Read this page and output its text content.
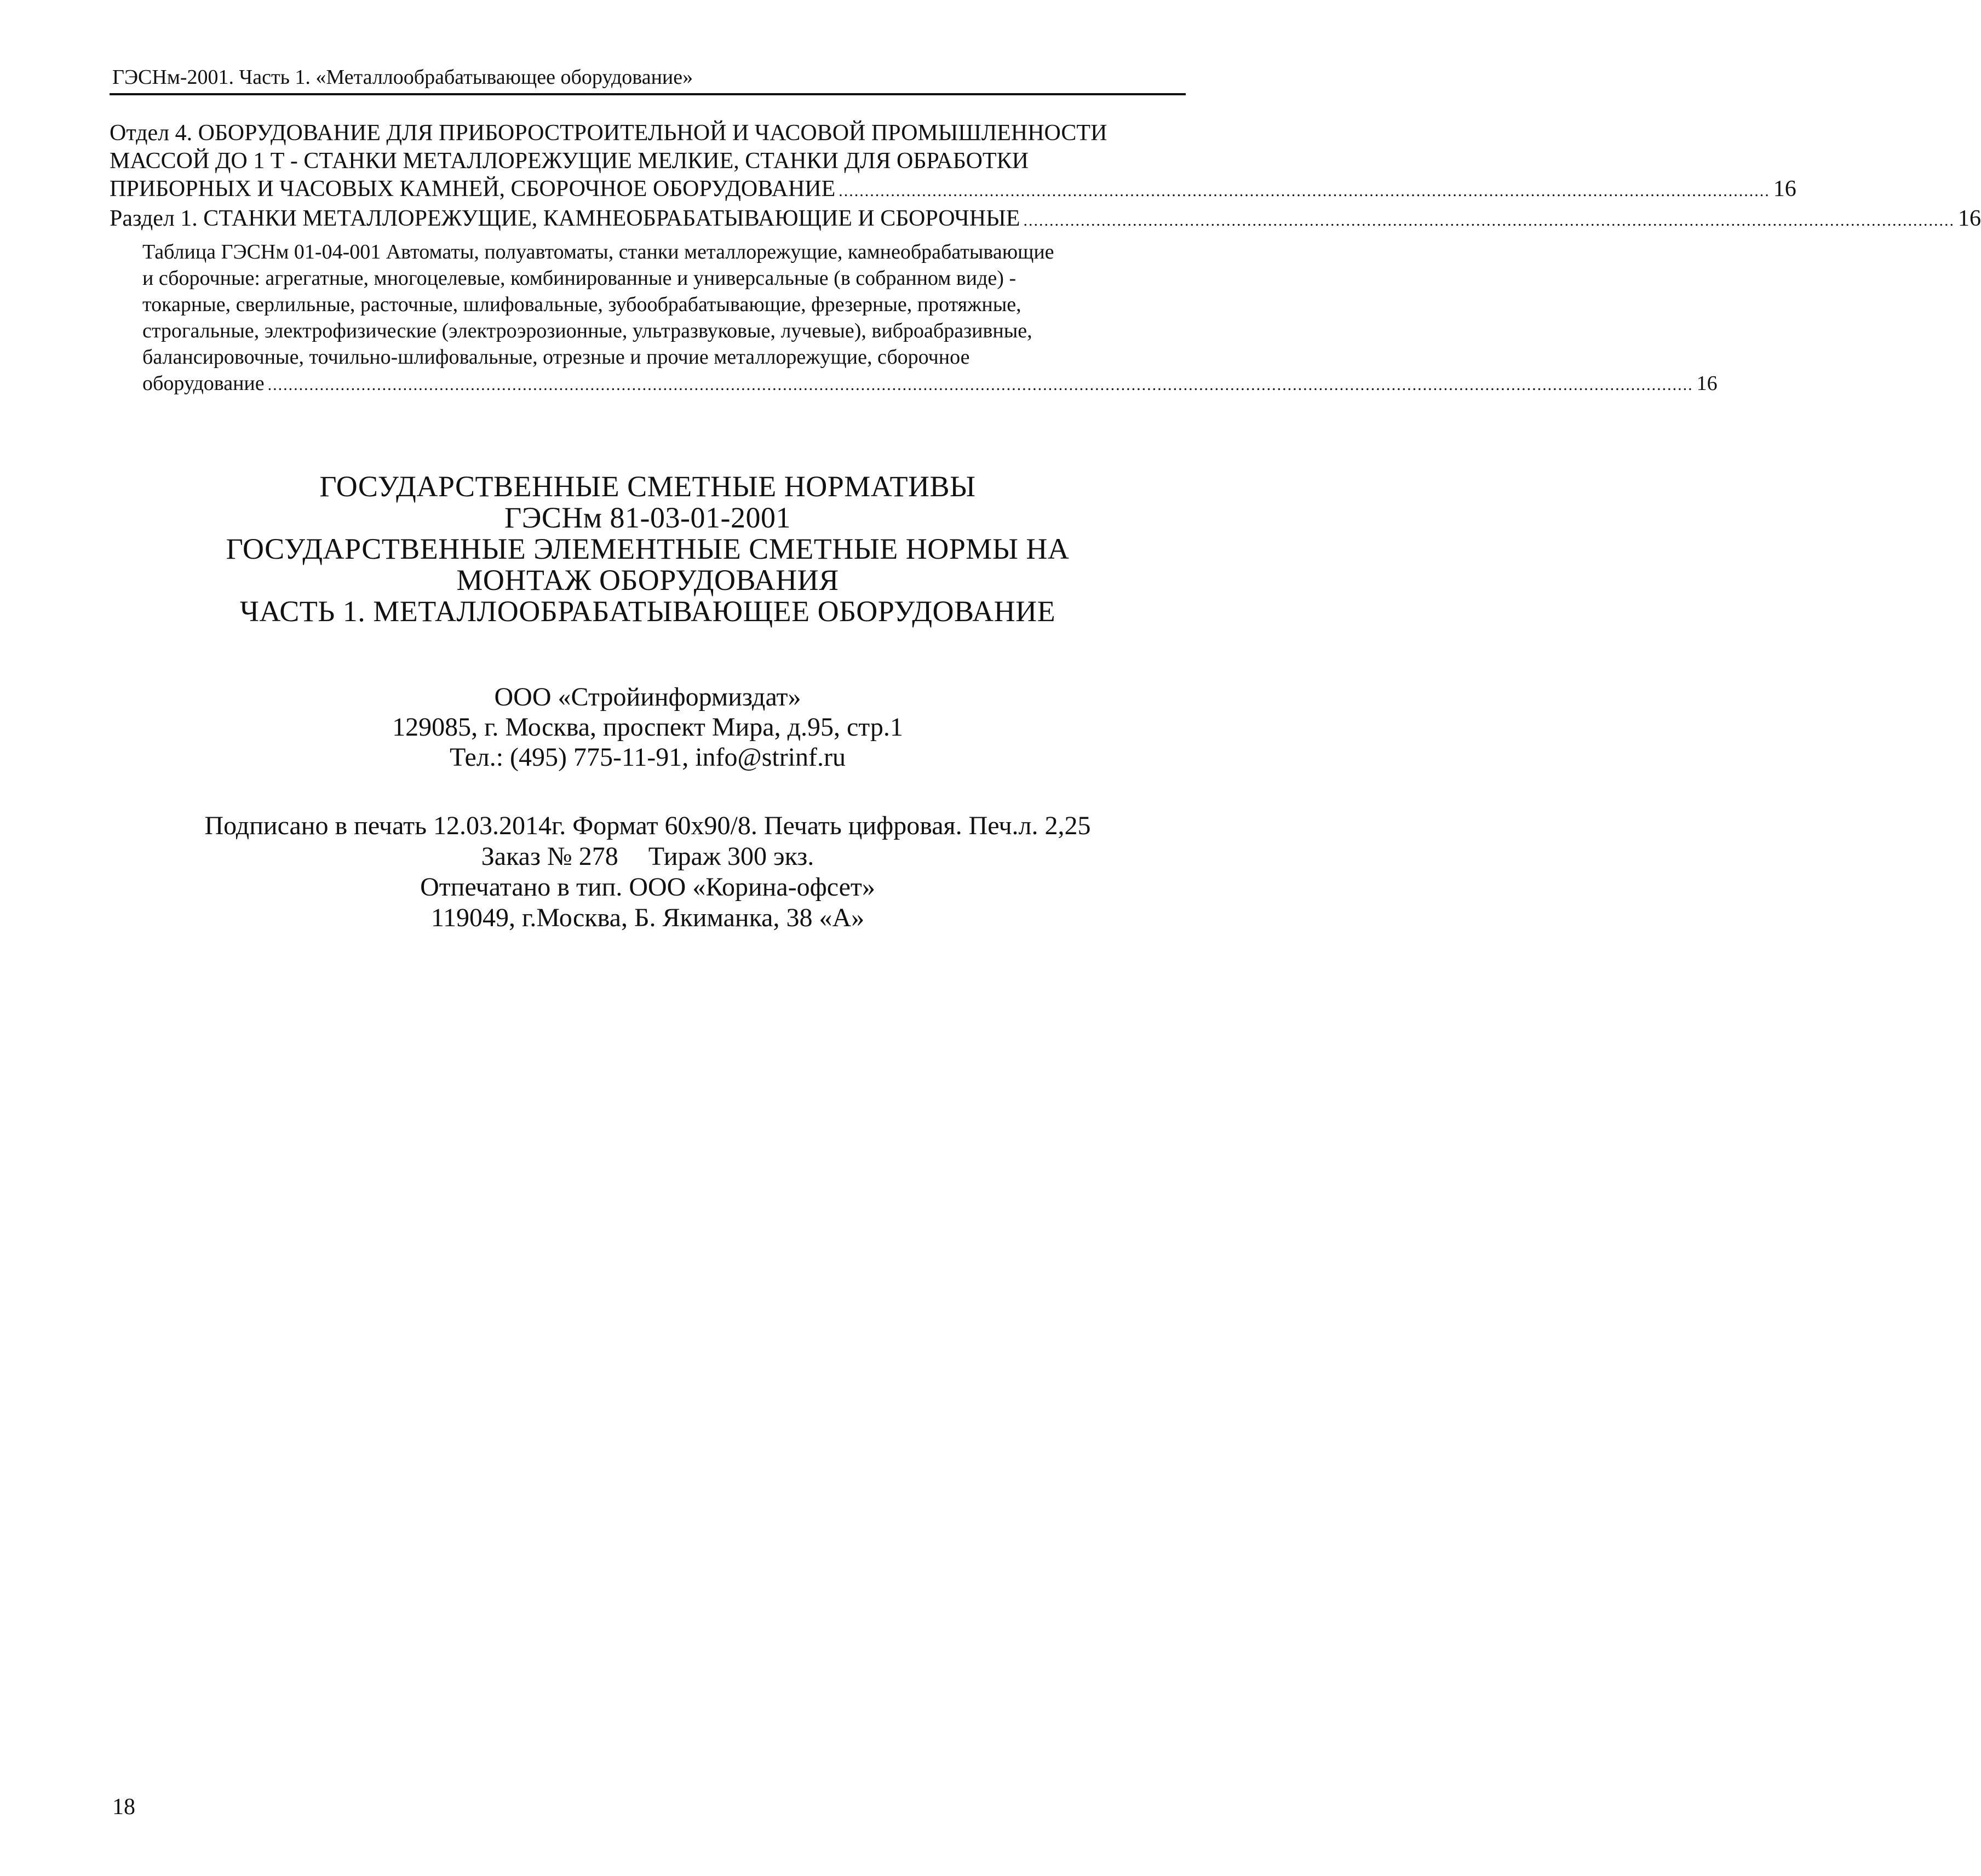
ГЭСНм-2001. Часть 1. «Металлообрабатывающее оборудование»
Отдел 4. ОБОРУДОВАНИЕ ДЛЯ ПРИБОРОСТРОИТЕЛЬНОЙ И ЧАСОВОЙ ПРОМЫШЛЕННОСТИ
МАССОЙ ДО 1 Т - СТАНКИ МЕТАЛЛОРЕЖУЩИЕ МЕЛКИЕ, СТАНКИ ДЛЯ ОБРАБОТКИ
ПРИБОРНЫХ И ЧАСОВЫХ КАМНЕЙ, СБОРОЧНОЕ ОБОРУДОВАНИЕ ................................................................................................................................................................................... 16
Раздел 1. СТАНКИ МЕТАЛЛОРЕЖУЩИЕ, КАМНЕОБРАБАТЫВАЮЩИЕ И СБОРОЧНЫЕ ................................................................................................................................................................................... 16
Таблица ГЭСНм 01-04-001 Автоматы, полуавтоматы, станки металлорежущие, камнеобрабатывающие
и сборочные: агрегатные, многоцелевые, комбинированные и универсальные (в собранном виде) -
токарные, сверлильные, расточные, шлифовальные, зубообрабатывающие, фрезерные, протяжные,
строгальные, электрофизические (электроэрозионные, ультразвуковые, лучевые), виброабразивные,
балансировочные, точильно-шлифовальные, отрезные и прочие металлорежущие, сборочное
оборудование .................................................................................................................................................................................................................................................................................. 16
ГОСУДАРСТВЕННЫЕ СМЕТНЫЕ НОРМАТИВЫ
ГЭСНм 81-03-01-2001
ГОСУДАРСТВЕННЫЕ ЭЛЕМЕНТНЫЕ СМЕТНЫЕ НОРМЫ НА
МОНТАЖ ОБОРУДОВАНИЯ
ЧАСТЬ 1. МЕТАЛЛООБРАБАТЫВАЮЩЕЕ ОБОРУДОВАНИЕ
ООО «Стройинформиздат»
129085, г. Москва, проспект Мира, д.95, стр.1
Тел.: (495) 775-11-91, info@strinf.ru
Подписано в печать 12.03.2014г. Формат 60x90/8. Печать цифровая. Печ.л. 2,25
Заказ № 278 Тираж 300 экз.
Отпечатано в тип. ООО «Корина-офсет»
119049, г.Москва, Б. Якиманка, 38 «А»
18
